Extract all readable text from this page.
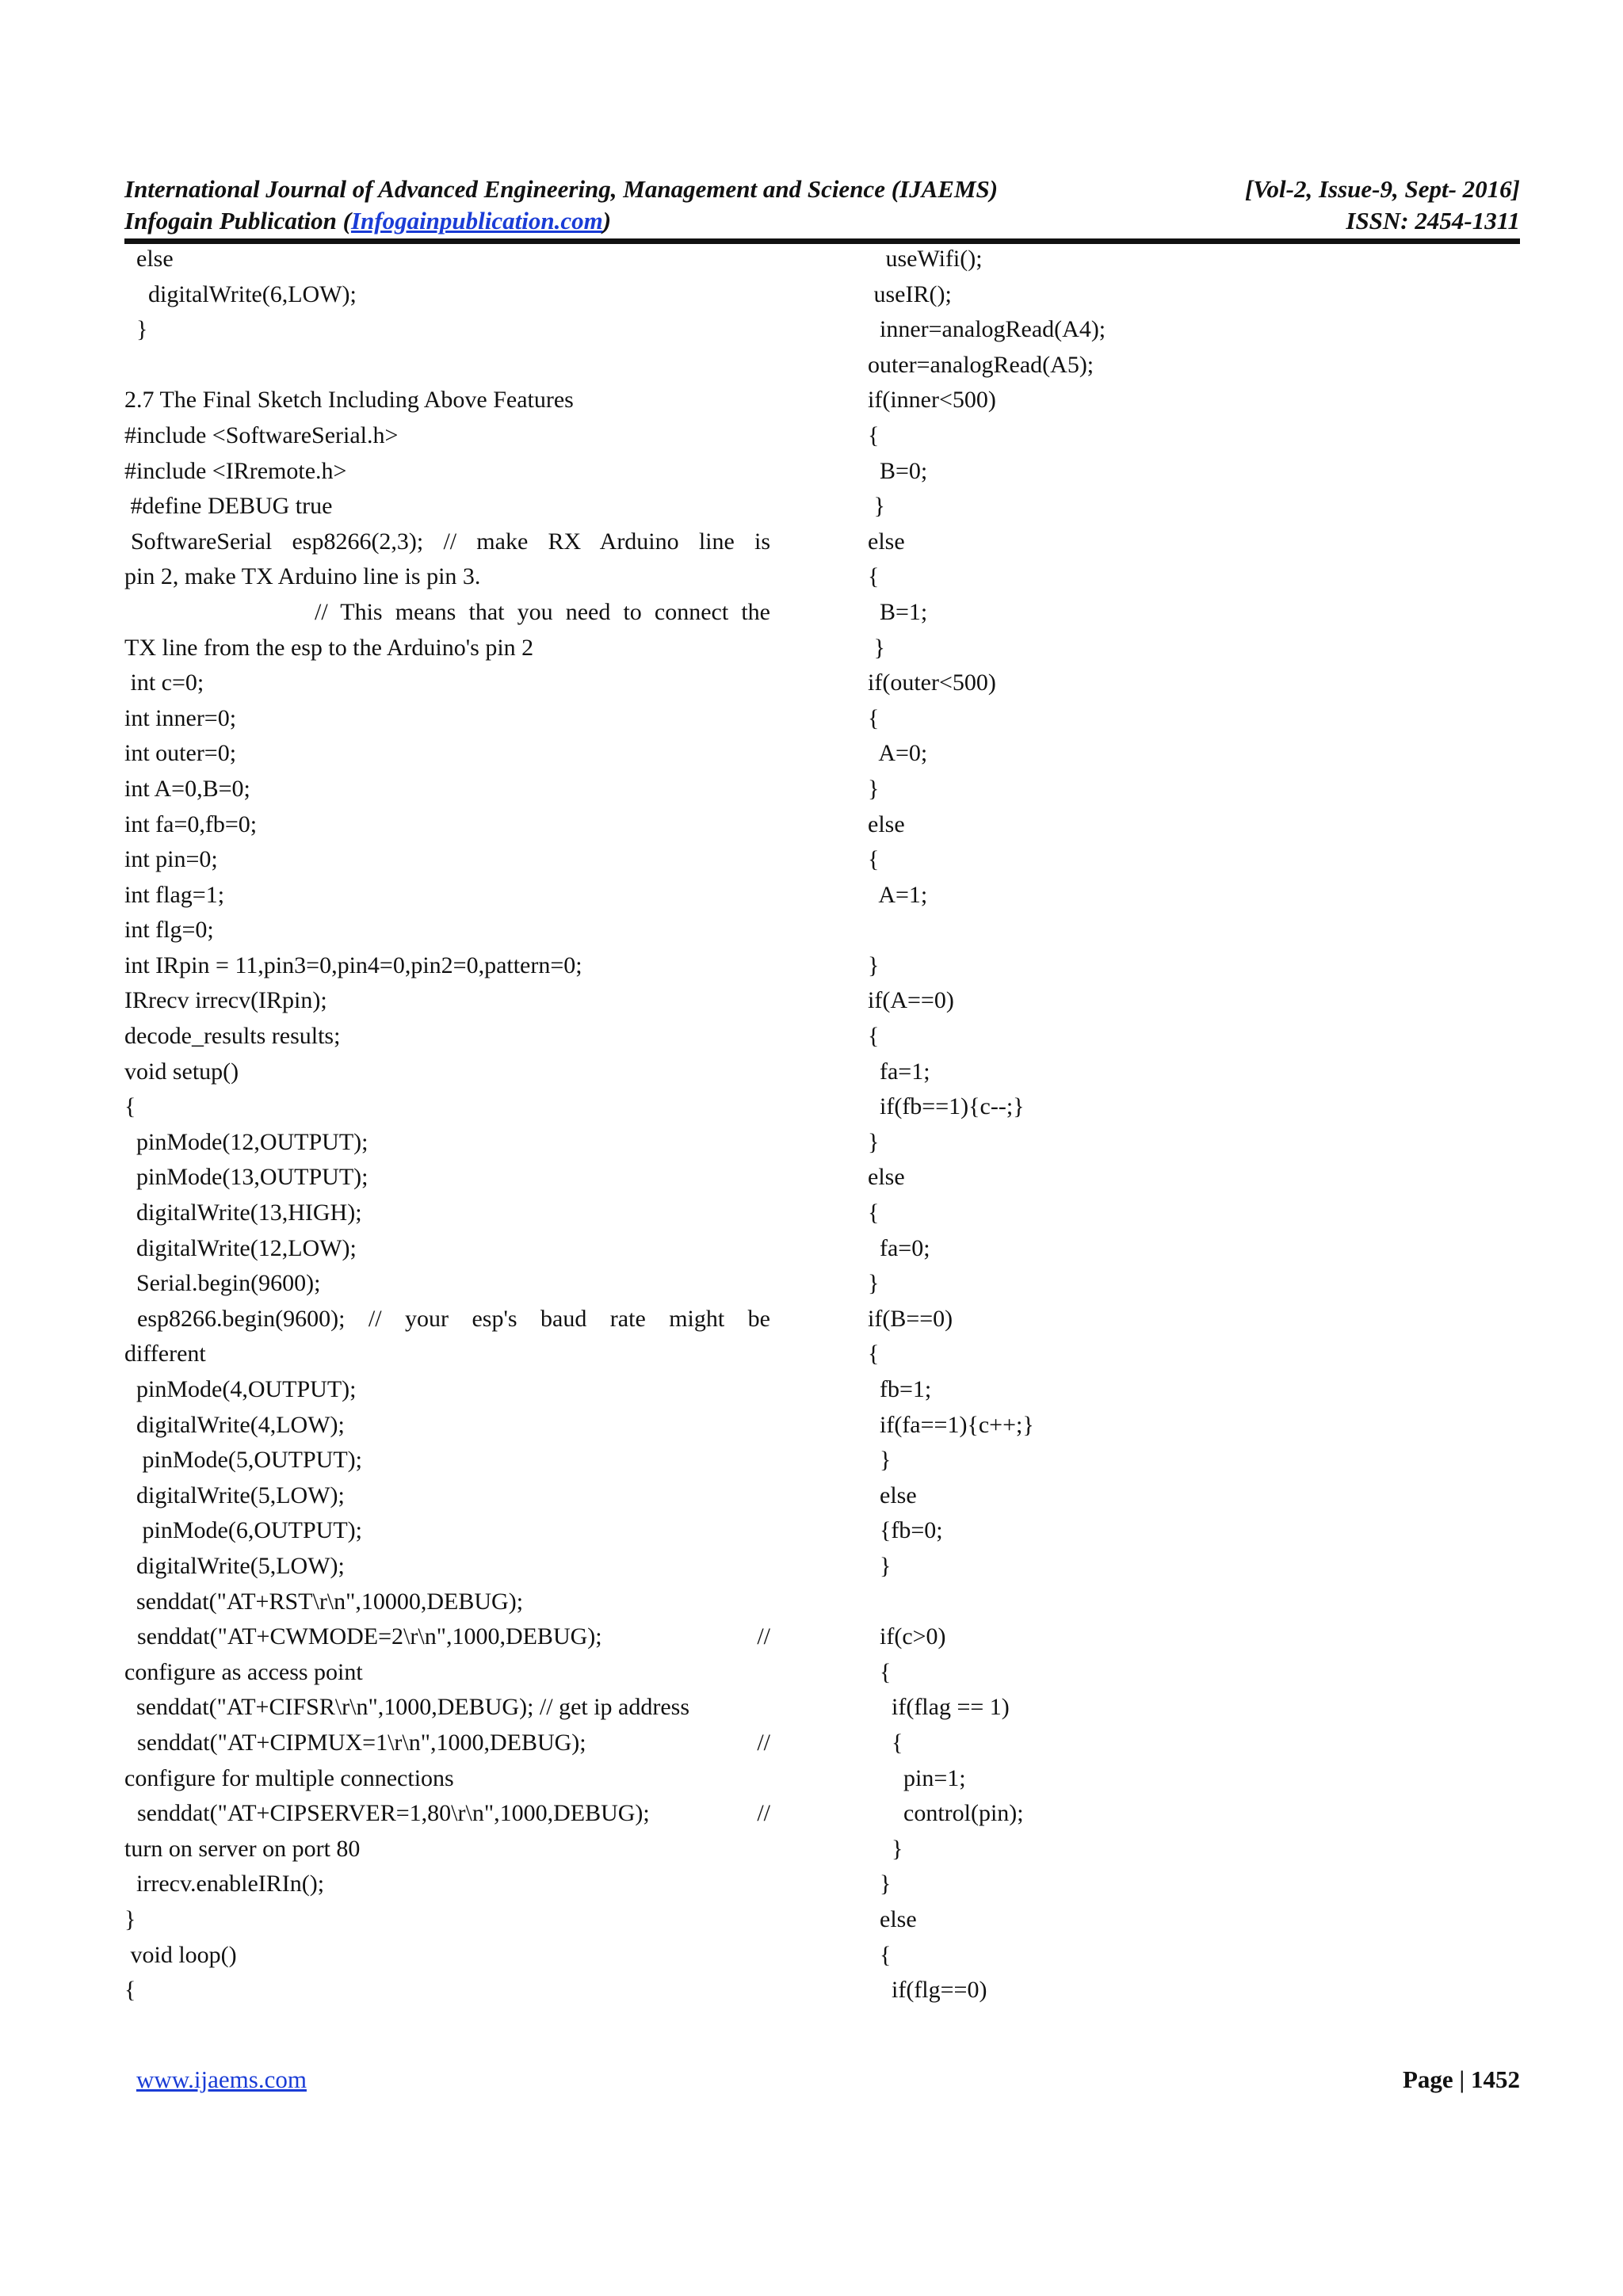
International Journal of Advanced Engineering, Management and Science (IJAEMS)	[Vol-2, Issue-9, Sept- 2016]
Infogain Publication (Infogainpublication.com)	ISSN: 2454-1311
else
digitalWrite(6,LOW);
}
2.7 The Final Sketch Including Above Features
#include <SoftwareSerial.h>
#include <IRremote.h>
#define DEBUG true
SoftwareSerial esp8266(2,3); // make RX Arduino line is
pin 2, make TX Arduino line is pin 3.
// This means that you need to connect the
TX line from the esp to the Arduino's pin 2
int c=0;
int inner=0;
int outer=0;
int A=0,B=0;
int fa=0,fb=0;
int pin=0;
int flag=1;
int flg=0;
int IRpin = 11,pin3=0,pin4=0,pin2=0,pattern=0;
IRrecv irrecv(IRpin);
decode_results results;
void setup()
{
pinMode(12,OUTPUT);
pinMode(13,OUTPUT);
digitalWrite(13,HIGH);
digitalWrite(12,LOW);
Serial.begin(9600);
esp8266.begin(9600); // your esp's baud rate might be
different
pinMode(4,OUTPUT);
digitalWrite(4,LOW);
pinMode(5,OUTPUT);
digitalWrite(5,LOW);
pinMode(6,OUTPUT);
digitalWrite(5,LOW);
senddat("AT+RST\r\n",10000,DEBUG);
senddat("AT+CWMODE=2\r\n",1000,DEBUG); //
configure as access point
senddat("AT+CIFSR\r\n",1000,DEBUG); // get ip address
senddat("AT+CIPMUX=1\r\n",1000,DEBUG); //
configure for multiple connections
senddat("AT+CIPSERVER=1,80\r\n",1000,DEBUG); //
turn on server on port 80
irrecv.enableIRIn();
}
void loop()
{
useWifi();
useIR();
inner=analogRead(A4);
outer=analogRead(A5);
if(inner<500)
{
B=0;
}
else
{
B=1;
}
if(outer<500)
{
A=0;
}
else
{
A=1;
}
if(A==0)
{
fa=1;
if(fb==1){c--;}
}
else
{
fa=0;
}
if(B==0)
{
fb=1;
if(fa==1){c++;}
}
else
{fb=0;
}
if(c>0)
{
if(flag == 1)
{
pin=1;
control(pin);
}
}
else
{
if(flg==0)
www.ijaems.com	Page | 1452
